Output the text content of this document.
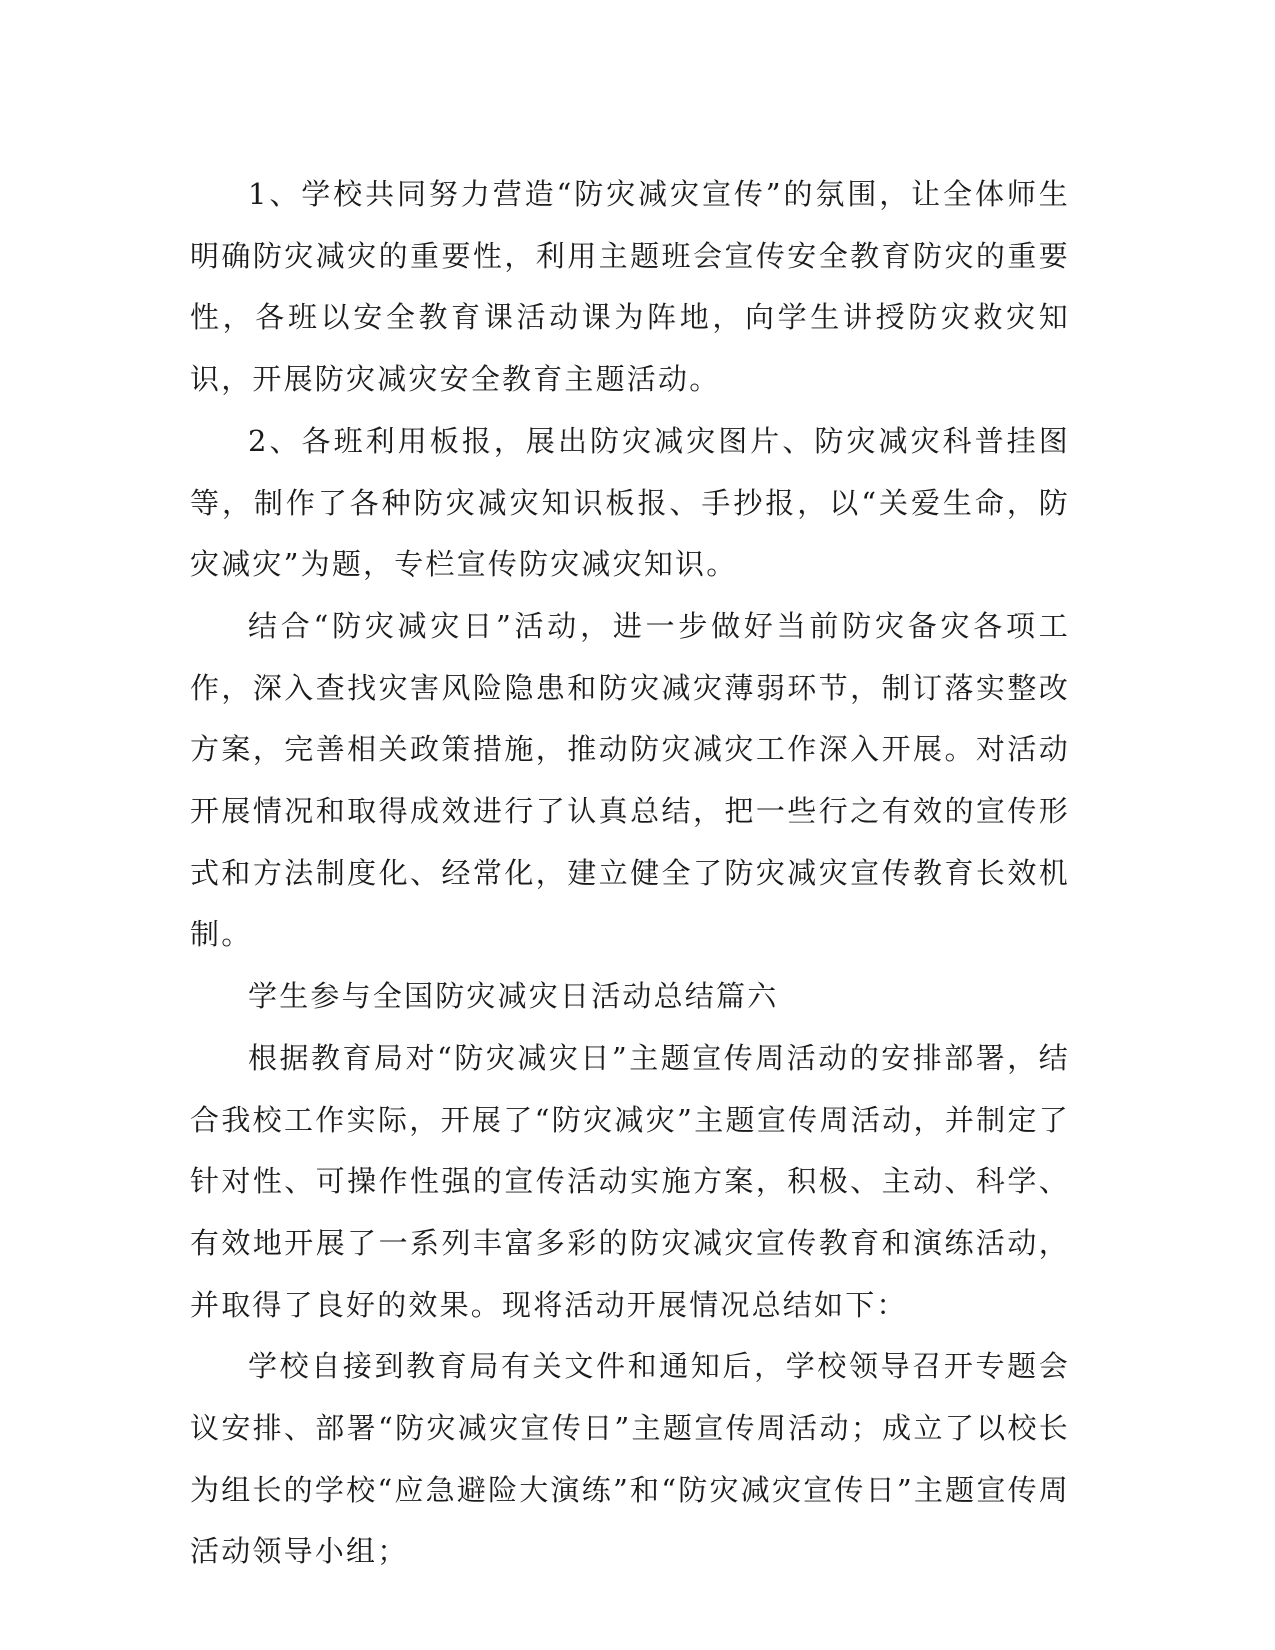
1、学校共同努力营造“防灾减灾宣传”的氛围，让全体师生明确防灾减灾的重要性，利用主题班会宣传安全教育防灾的重要性，各班以安全教育课活动课为阵地，向学生讲授防灾救灾知识，开展防灾减灾安全教育主题活动。

2、各班利用板报，展出防灾减灾图片、防灾减灾科普挂图等，制作了各种防灾减灾知识板报、手抄报，以“关爱生命，防灾减灾”为题，专栏宣传防灾减灾知识。

结合“防灾减灾日”活动，进一步做好当前防灾备灾各项工作，深入查找灾害风险隐患和防灾减灾薄弱环节，制订落实整改方案，完善相关政策措施，推动防灾减灾工作深入开展。对活动开展情况和取得成效进行了认真总结，把一些行之有效的宣传形式和方法制度化、经常化，建立健全了防灾减灾宣传教育长效机制。

学生参与全国防灾减灾日活动总结篇六

根据教育局对“防灾减灾日”主题宣传周活动的安排部署，结合我校工作实际，开展了“防灾减灾”主题宣传周活动，并制定了针对性、可操作性强的宣传活动实施方案，积极、主动、科学、有效地开展了一系列丰富多彩的防灾减灾宣传教育和演练活动，并取得了良好的效果。现将活动开展情况总结如下：

学校自接到教育局有关文件和通知后，学校领导召开专题会议安排、部署“防灾减灾宣传日”主题宣传周活动；成立了以校长为组长的学校“应急避险大演练”和“防灾减灾宣传日”主题宣传周活动领导小组；
